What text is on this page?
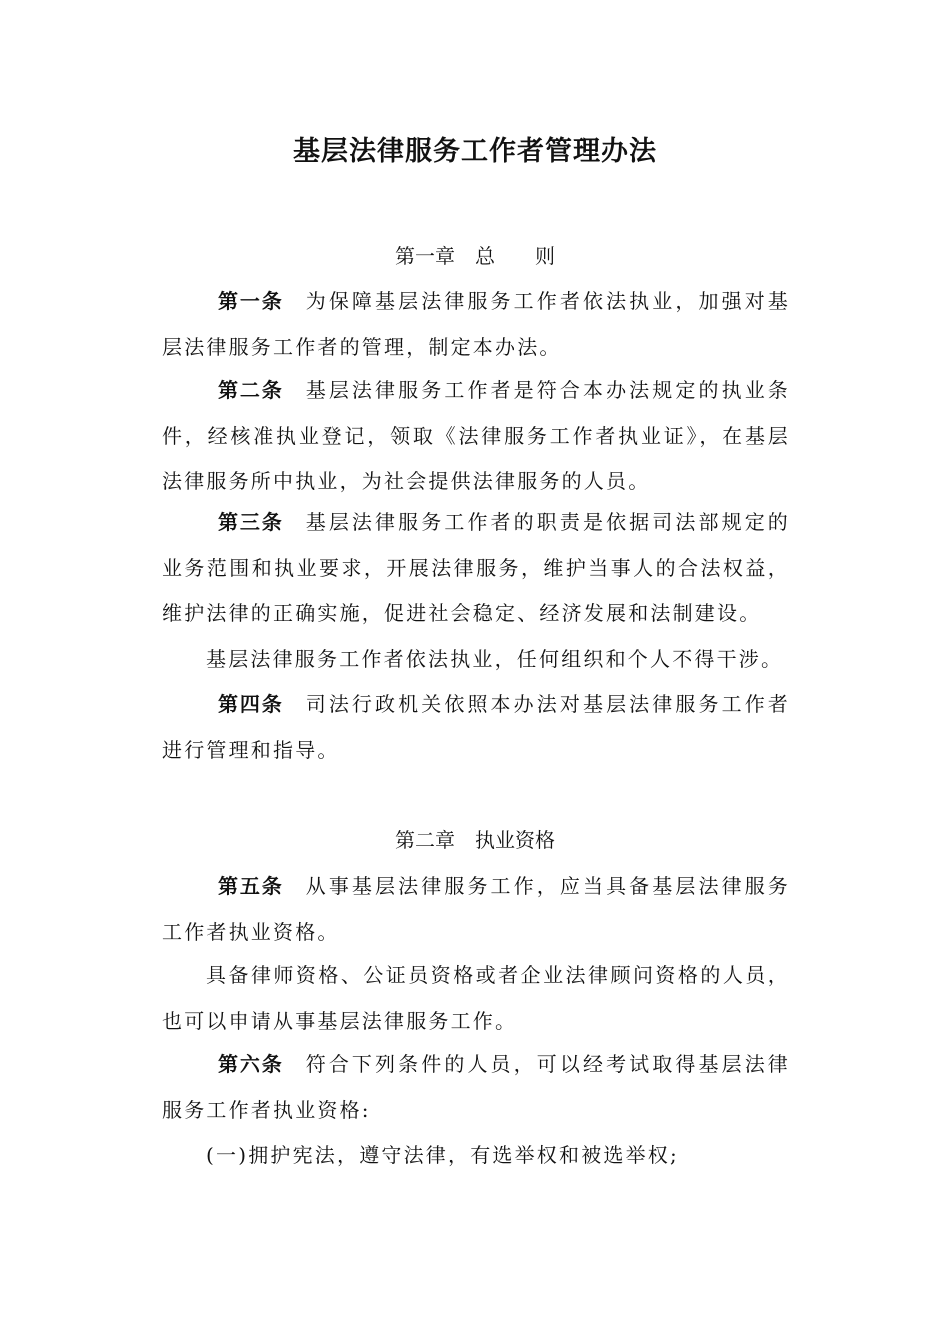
基层法律服务工作者管理办法
第一章　总　　则
第一条 为保障基层法律服务工作者依法执业，加强对基层法律服务工作者的管理，制定本办法。
第二条 基层法律服务工作者是符合本办法规定的执业条件，经核准执业登记，领取《法律服务工作者执业证》，在基层法律服务所中执业，为社会提供法律服务的人员。
第三条 基层法律服务工作者的职责是依据司法部规定的业务范围和执业要求，开展法律服务，维护当事人的合法权益，维护法律的正确实施，促进社会稳定、经济发展和法制建设。
基层法律服务工作者依法执业，任何组织和个人不得干涉。
第四条 司法行政机关依照本办法对基层法律服务工作者进行管理和指导。
第二章　执业资格
第五条 从事基层法律服务工作，应当具备基层法律服务工作者执业资格。
具备律师资格、公证员资格或者企业法律顾问资格的人员，也可以申请从事基层法律服务工作。
第六条 符合下列条件的人员，可以经考试取得基层法律服务工作者执业资格:
(一)拥护宪法，遵守法律，有选举权和被选举权;
